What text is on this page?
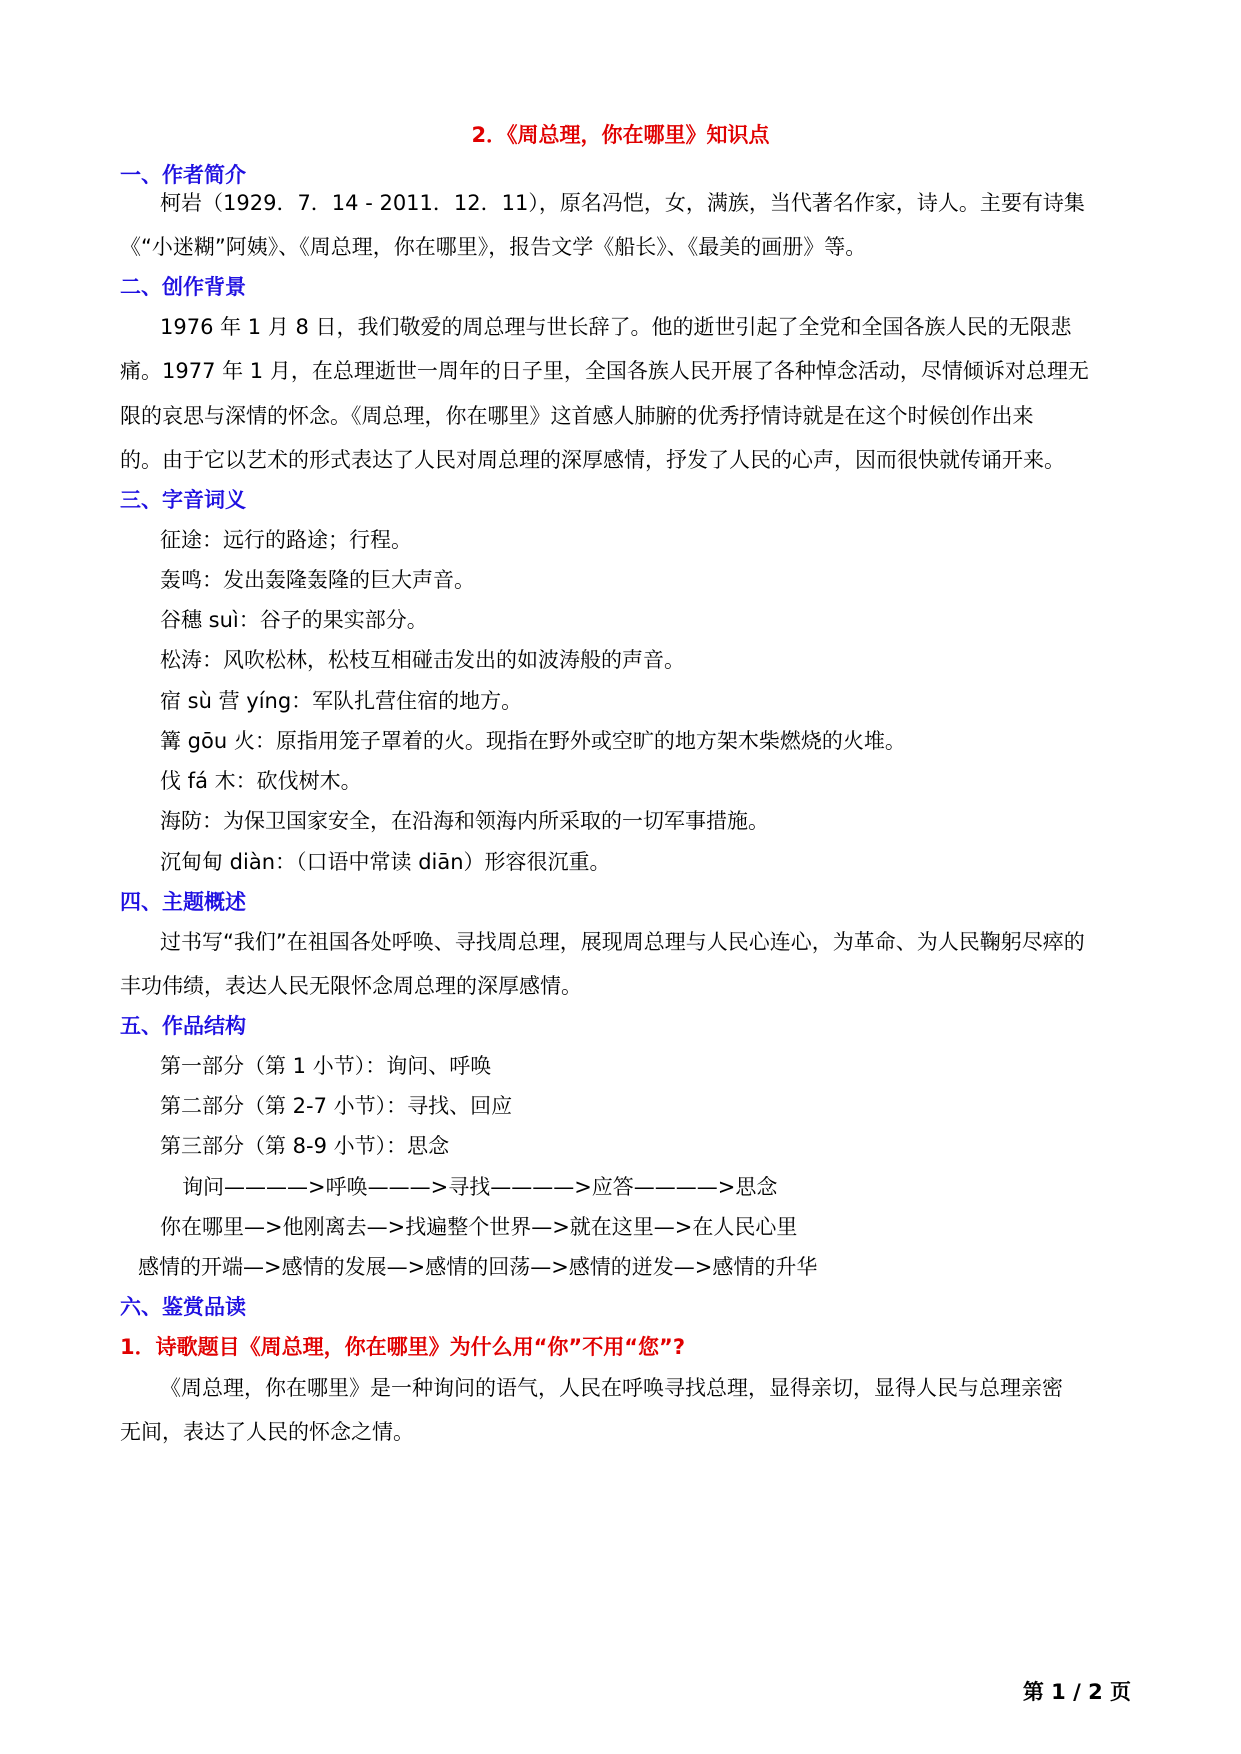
2．《周总理，你在哪里》知识点
一、作者简介
柯岩（1929．7．14 - 2011．12．11），原名冯恺，女，满族，当代著名作家，诗人。主要有诗集
《“小迷糊”阿姨》、《周总理，你在哪里》，报告文学《船长》、《最美的画册》等。
二、创作背景
1976 年 1 月 8 日，我们敬爱的周总理与世长辞了。他的逝世引起了全党和全国各族人民的无限悲
痛。1977 年 1 月，在总理逝世一周年的日子里，全国各族人民开展了各种悼念活动，尽情倾诉对总理无
限的哀思与深情的怀念。《周总理，你在哪里》这首感人肺腑的优秀抒情诗就是在这个时候创作出来
的。由于它以艺术的形式表达了人民对周总理的深厚感情，抒发了人民的心声，因而很快就传诵开来。
三、字音词义
征途：远行的路途；行程。
轰鸣：发出轰隆轰隆的巨大声音。
谷穗 suì：谷子的果实部分。
松涛：风吹松林，松枝互相碰击发出的如波涛般的声音。
宿 sù 营 yíng：军队扎营住宿的地方。
篝 gōu 火：原指用笼子罩着的火。现指在野外或空旷的地方架木柴燃烧的火堆。
伐 fá 木：砍伐树木。
海防：为保卫国家安全，在沿海和领海内所采取的一切军事措施。
沉甸甸 diàn：（口语中常读 diān）形容很沉重。
四、主题概述
过书写“我们”在祖国各处呼唤、寻找周总理，展现周总理与人民心连心，为革命、为人民鞠躬尽瘁的
丰功伟绩，表达人民无限怀念周总理的深厚感情。
五、作品结构
第一部分（第 1 小节）：询问、呼唤
第二部分（第 2-7 小节）：寻找、回应
第三部分（第 8-9 小节）：思念
询问————>呼唤———>寻找————>应答————>思念
你在哪里—>他刚离去—>找遍整个世界—>就在这里—>在人民心里
感情的开端—>感情的发展—>感情的回荡—>感情的迸发—>感情的升华
六、鉴赏品读
1．诗歌题目《周总理，你在哪里》为什么用“你”不用“您”?
《周总理，你在哪里》是一种询问的语气，人民在呼唤寻找总理，显得亲切，显得人民与总理亲密
无间，表达了人民的怀念之情。
第 1 / 2 页
